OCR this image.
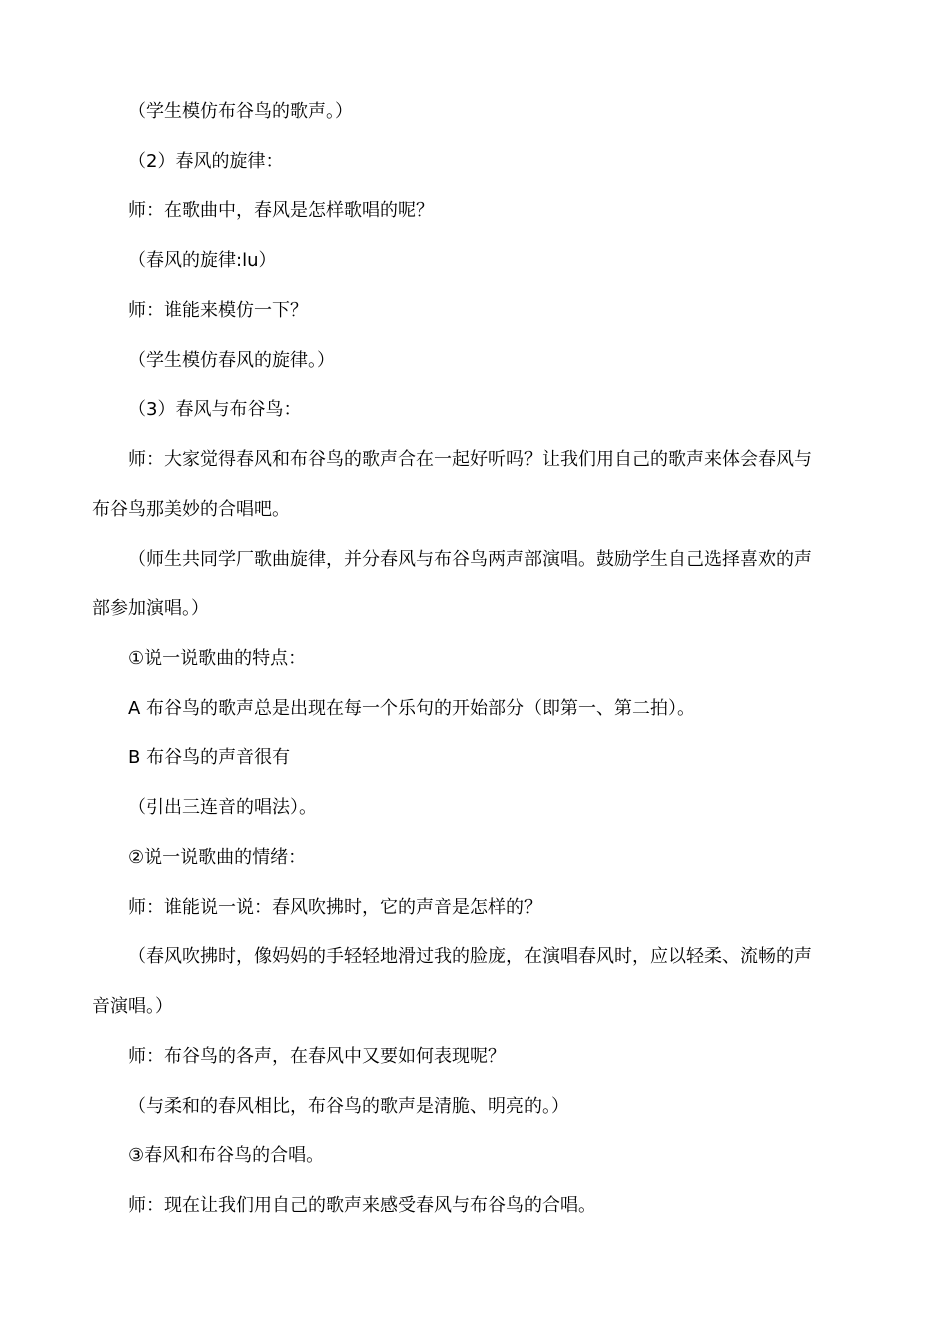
（学生模仿布谷鸟的歌声。）
（2）春风的旋律：
师：在歌曲中，春风是怎样歌唱的呢？
（春风的旋律:lu）
师：谁能来模仿一下？
（学生模仿春风的旋律。）
（3）春风与布谷鸟：
师：大家觉得春风和布谷鸟的歌声合在一起好听吗？让我们用自己的歌声来体会春风与
布谷鸟那美妙的合唱吧。
（师生共同学厂歌曲旋律，并分春风与布谷鸟两声部演唱。鼓励学生自己选择喜欢的声
部参加演唱。）
①说一说歌曲的特点：
A 布谷鸟的歌声总是出现在每一个乐句的开始部分（即第一、第二拍）。
B 布谷鸟的声音很有
（引出三连音的唱法）。
②说一说歌曲的情绪：
师：谁能说一说：春风吹拂时，它的声音是怎样的？
（春风吹拂时，像妈妈的手轻轻地滑过我的脸庞，在演唱春风时，应以轻柔、流畅的声
音演唱。）
师：布谷鸟的各声，在春风中又要如何表现呢？
（与柔和的春风相比，布谷鸟的歌声是清脆、明亮的。）
③春风和布谷鸟的合唱。
师：现在让我们用自己的歌声来感受春风与布谷鸟的合唱。
